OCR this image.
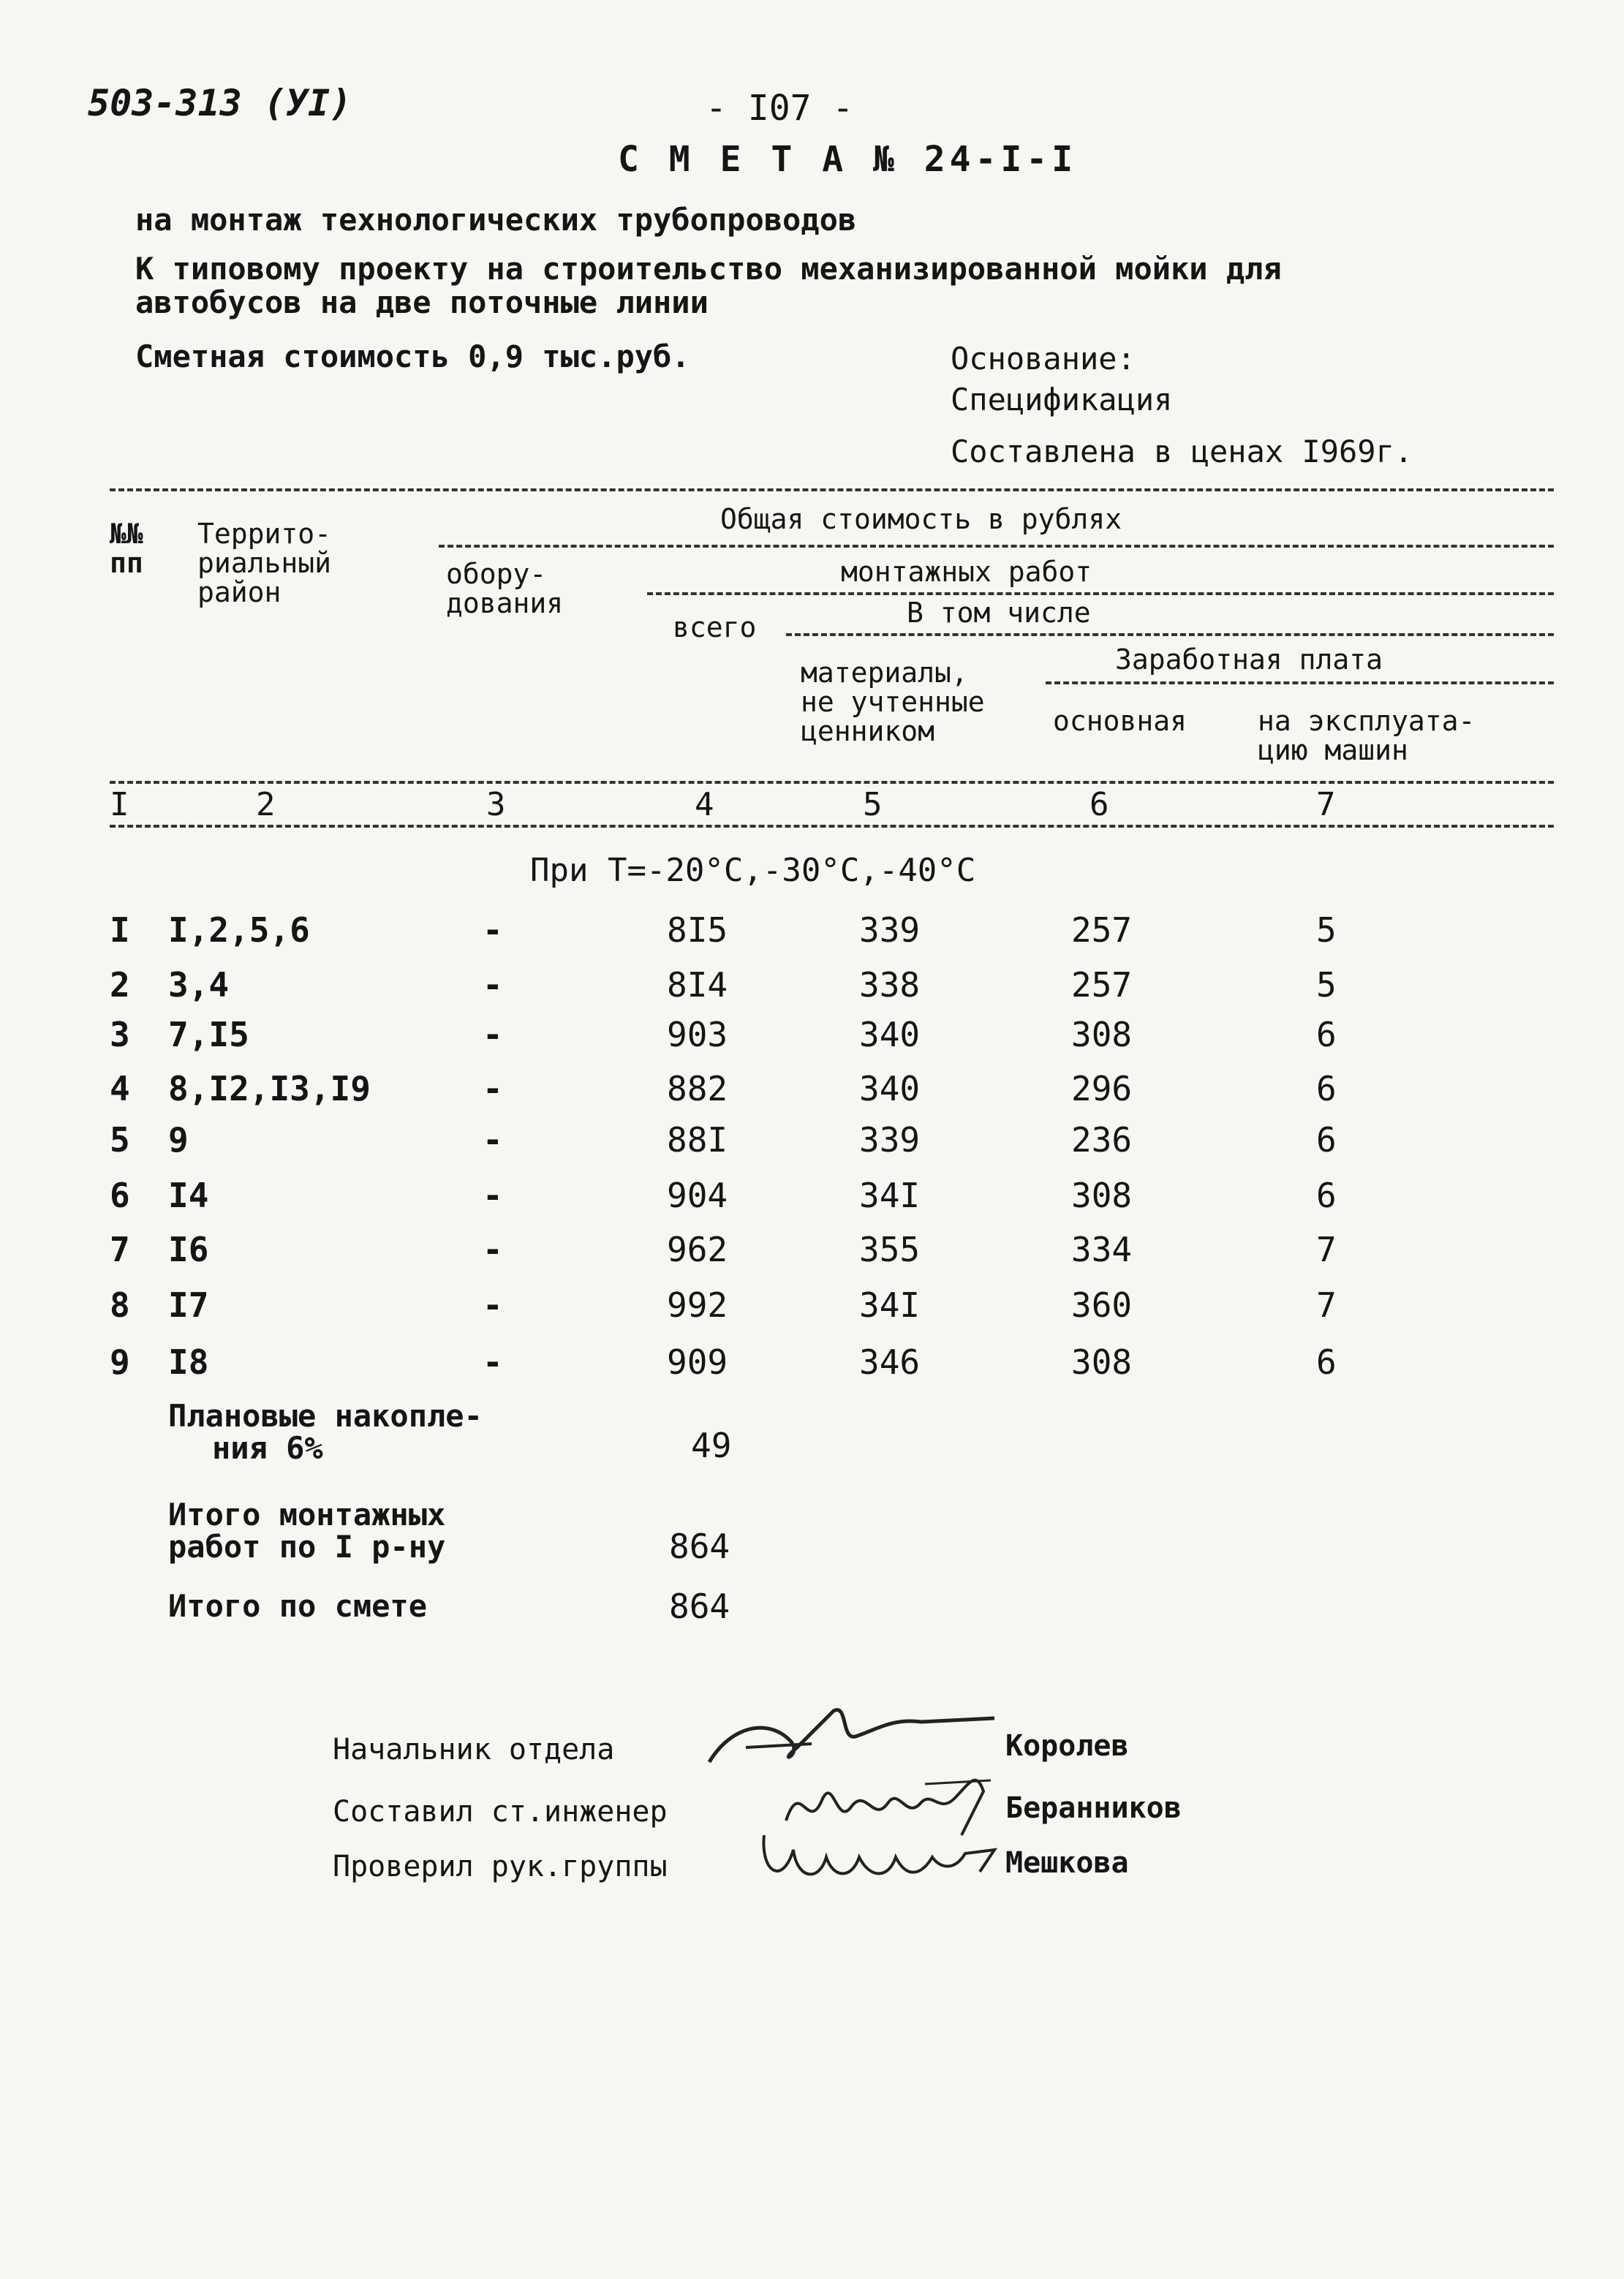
503-313 (УI)	- I07 -
С М Е Т А № 24-I-I
на монтаж технологических трубопроводов
К типовому проекту на строительство механизированной мойки для
автобусов на две поточные линии
Сметная стоимость 0,9 тыс.руб.	Основание:
Спецификация
Составлена в ценах I969г.
№№
пп
Террито-
риальный
район
Общая стоимость в рублях
обору-
дования
монтажных работ
всего	В том числе
материалы,
не учтенные
ценником
Заработная плата
основная	на эксплуата-
цию машин
I	2	3	4	5	6	7
При Т=-20°С,-30°С,-40°С
I I,2,5,6	-	8I5	339	257	5
2 3,4	-	8I4	338	257	5
3 7,I5	-	903	340	308	6
4 8,I2,I3,I9	-	882	340	296	6
5 9	-	88I	339	236	6
6 I4	-	904	34I	308	6
7 I6	-	962	355	334	7
8 I7	-	992	34I	360	7
9 I8	-	909	346	308	6
Плановые накопле-
ния 6%	49
Итого монтажных
работ по I р-ну	864
Итого по смете	864
Начальник отдела	Королев
Составил ст.инженер	Беранников
Проверил рук.группы	Мешкова
